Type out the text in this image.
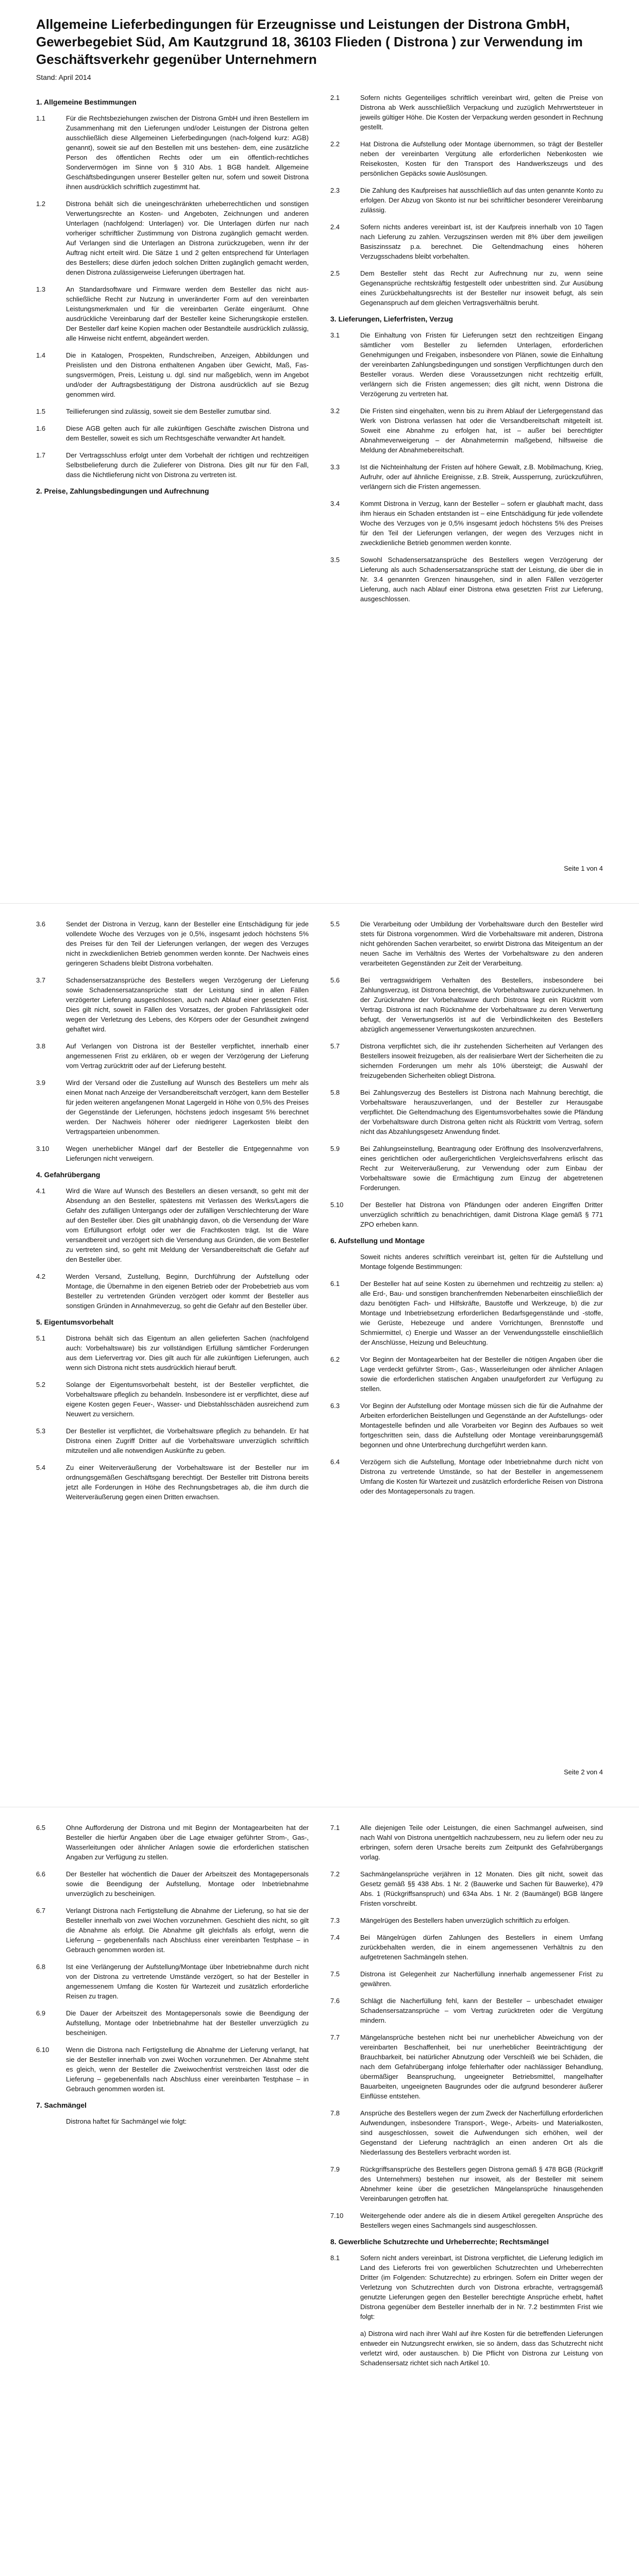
Allgemeine Lieferbedingungen für Erzeugnisse und Leistungen der Distrona GmbH, Gewerbegebiet Süd, Am Kautzgrund 18, 36103 Flieden ( Distrona ) zur Verwendung im Geschäftsverkehr gegenüber Unternehmern
Stand: April 2014
1. Allgemeine Bestimmungen
1.1	Für die Rechtsbeziehungen zwischen der Distrona GmbH und ihren Bestellern im Zusammenhang mit den Lieferungen und/oder Leistungen der Distrona gelten ausschließlich diese Allgemeinen Lieferbedingungen (nach-folgend kurz: AGB) genannt), soweit sie auf den Bestellen mit uns bestehen- dem, eine zusätzliche Person des öffentlichen Rechts oder um ein öffentlich-rechtliches Sondervermögen im Sinne von § 310 Abs. 1 BGB handelt. Allgemeine Geschäftsbedingungen unserer Besteller gelten nur, sofern und soweit Distrona ihnen ausdrücklich schriftlich zugestimmt hat.
1.2	Distrona behält sich die uneingeschränkten urheberrechtlichen und sonstigen Verwertungsrechte an Kosten- und Angeboten, Zeichnungen und anderen Unterlagen (nachfolgend: Unterlagen) vor. Die Unterlagen dürfen nur nach vorheriger schriftlicher Zustimmung von Distrona zugänglich gemacht werden. Auf Verlangen sind die Unterlagen an Distrona zurückzugeben, wenn ihr der Auftrag nicht erteilt wird. Die Sätze 1 und 2 gelten entsprechend für Unterlagen des Bestellers; diese dürfen jedoch solchen Dritten zugänglich gemacht werden, denen Distrona zulässigerweise Lieferungen übertragen hat.
1.3	An Standardsoftware und Firmware werden dem Besteller das nicht aus-schließliche Recht zur Nutzung in unveränderter Form auf den vereinbarten Leistungsmerkmalen und für die vereinbarten Geräte eingeräumt. Ohne ausdrückliche Vereinbarung darf der Besteller keine Sicherungskopie erstellen. Der Besteller darf keine Kopien machen oder Bestandteile ausdrücklich zulässig, alle Hinweise nicht entfernt, abgeändert werden.
1.4	Die in Katalogen, Prospekten, Rundschreiben, Anzeigen, Abbildungen und Preislisten und den Distrona enthaltenen Angaben über Gewicht, Maß, Fas-sungsvermögen, Preis, Leistung u. dgl. sind nur maßgeblich, wenn im Angebot und/oder der Auftragsbestätigung der Distrona ausdrücklich auf sie Bezug genommen wird.
1.5	Teillieferungen sind zulässig, soweit sie dem Besteller zumutbar sind.
1.6	Diese AGB gelten auch für alle zukünftigen Geschäfte zwischen Distrona und dem Besteller, soweit es sich um Rechtsgeschäfte verwandter Art handelt.
1.7	Der Vertragsschluss erfolgt unter dem Vorbehalt der richtigen und rechtzeitigen Selbstbelieferung durch die Zulieferer von Distrona. Dies gilt nur für den Fall, dass die Nichtlieferung nicht von Distrona zu vertreten ist.
2. Preise, Zahlungsbedingungen und Aufrechnung
2.1	Sofern nichts Gegenteiliges schriftlich vereinbart wird, gelten die Preise von Distrona ab Werk ausschließlich Verpackung und zuzüglich Mehrwertsteuer in jeweils gültiger Höhe. Die Kosten der Verpackung werden gesondert in Rechnung gestellt.
2.2	Hat Distrona die Aufstellung oder Montage übernommen, so trägt der Besteller neben der vereinbarten Vergütung alle erforderlichen Nebenkosten wie Reisekosten, Kosten für den Transport des Handwerkszeugs und des persönlichen Gepäcks sowie Auslösungen.
2.3	Die Zahlung des Kaufpreises hat ausschließlich auf das unten genannte Konto zu erfolgen. Der Abzug von Skonto ist nur bei schriftlicher besonderer Vereinbarung zulässig.
2.4	Sofern nichts anderes vereinbart ist, ist der Kaufpreis innerhalb von 10 Tagen nach Lieferung zu zahlen. Verzugszinsen werden mit 8% über dem jeweiligen Basiszinssatz p.a. berechnet. Die Geltendmachung eines höheren Verzugsschadens bleibt vorbehalten.
2.5	Dem Besteller steht das Recht zur Aufrechnung nur zu, wenn seine Gegenansprüche rechtskräftig festgestellt oder unbestritten sind. Zur Ausübung eines Zurückbehaltungsrechts ist der Besteller nur insoweit befugt, als sein Gegenanspruch auf dem gleichen Vertragsverhältnis beruht.
3. Lieferungen, Lieferfristen, Verzug
3.1	Die Einhaltung von Fristen für Lieferungen setzt den rechtzeitigen Eingang sämtlicher vom Besteller zu liefernden Unterlagen, erforderlichen Genehmigungen und Freigaben, insbesondere von Plänen, sowie die Einhaltung der vereinbarten Zahlungsbedingungen und sonstigen Verpflichtungen durch den Besteller voraus. Werden diese Voraussetzungen nicht rechtzeitig erfüllt, verlängern sich die Fristen angemessen; dies gilt nicht, wenn Distrona die Verzögerung zu vertreten hat.
3.2	Die Fristen sind eingehalten, wenn bis zu ihrem Ablauf der Liefergegenstand das Werk von Distrona verlassen hat oder die Versandbereitschaft mitgeteilt ist. Soweit eine Abnahme zu erfolgen hat, ist – außer bei berechtigter Abnahmeverweigerung – der Abnahmetermin maßgebend, hilfsweise die Meldung der Abnahmebereitschaft.
3.3	Ist die Nichteinhaltung der Fristen auf höhere Gewalt, z.B. Mobilmachung, Krieg, Aufruhr, oder auf ähnliche Ereignisse, z.B. Streik, Aussperrung, zurückzuführen, verlängern sich die Fristen angemessen.
3.4	Kommt Distrona in Verzug, kann der Besteller – sofern er glaubhaft macht, dass ihm hieraus ein Schaden entstanden ist – eine Entschädigung für jede vollendete Woche des Verzuges von je 0,5% insgesamt jedoch höchstens 5% des Preises für den Teil der Lieferungen verlangen, der wegen des Verzuges nicht in zweckdienliche Betrieb genommen werden konnte.
3.5	Sowohl Schadensersatzansprüche des Bestellers wegen Verzögerung der Lieferung als auch Schadensersatzansprüche statt der Leistung, die über die in Nr. 3.4 genannten Grenzen hinausgehen, sind in allen Fällen verzögerter Lieferung, auch nach Ablauf einer Distrona etwa gesetzten Frist zur Lieferung, ausgeschlossen.
Seite 1 von 4
3.6	Sendet der Distrona in Verzug, kann der Besteller eine Entschädigung für jede vollendete Woche des Verzuges von je 0,5%, insgesamt jedoch höchstens 5% des Preises für den Teil der Lieferungen verlangen, der wegen des Verzuges nicht in zweckdienlichen Betrieb genommen werden konnte. Der Nachweis eines geringeren Schadens bleibt Distrona vorbehalten.
3.7	Schadensersatzansprüche des Bestellers wegen Verzögerung der Lieferung sowie Schadensersatzansprüche statt der Leistung sind in allen Fällen verzögerter Lieferung ausgeschlossen, auch nach Ablauf einer gesetzten Frist. Dies gilt nicht, soweit in Fällen des Vorsatzes, der groben Fahrlässigkeit oder wegen der Verletzung des Lebens, des Körpers oder der Gesundheit zwingend gehaftet wird.
3.8	Auf Verlangen von Distrona ist der Besteller verpflichtet, innerhalb einer angemessenen Frist zu erklären, ob er wegen der Verzögerung der Lieferung vom Vertrag zurücktritt oder auf der Lieferung besteht.
3.9	Wird der Versand oder die Zustellung auf Wunsch des Bestellers um mehr als einen Monat nach Anzeige der Versandbereitschaft verzögert, kann dem Besteller für jeden weiteren angefangenen Monat Lagergeld in Höhe von 0,5% des Preises der Gegenstände der Lieferungen, höchstens jedoch insgesamt 5% berechnet werden. Der Nachweis höherer oder niedrigerer Lagerkosten bleibt den Vertragsparteien unbenommen.
3.10	Wegen unerheblicher Mängel darf der Besteller die Entgegennahme von Lieferungen nicht verweigern.
4. Gefahrübergang
4.1	Wird die Ware auf Wunsch des Bestellers an diesen versandt, so geht mit der Absendung an den Besteller, spätestens mit Verlassen des Werks/Lagers die Gefahr des zufälligen Untergangs oder der zufälligen Verschlechterung der Ware auf den Besteller über. Dies gilt unabhängig davon, ob die Versendung der Ware vom Erfüllungsort erfolgt oder wer die Frachtkosten trägt. Ist die Ware versandbereit und verzögert sich die Versendung aus Gründen, die vom Besteller zu vertreten sind, so geht mit Meldung der Versandbereitschaft die Gefahr auf den Besteller über.
4.2	Werden Versand, Zustellung, Beginn, Durchführung der Aufstellung oder Montage, die Übernahme in den eigenen Betrieb oder der Probebetrieb aus vom Besteller zu vertretenden Gründen verzögert oder kommt der Besteller aus sonstigen Gründen in Annahmeverzug, so geht die Gefahr auf den Besteller über.
5. Eigentumsvorbehalt
5.1	Distrona behält sich das Eigentum an allen gelieferten Sachen (nachfolgend auch: Vorbehaltsware) bis zur vollständigen Erfüllung sämtlicher Forderungen aus dem Liefervertrag vor. Dies gilt auch für alle zukünftigen Lieferungen, auch wenn sich Distrona nicht stets ausdrücklich hierauf beruft.
5.2	Solange der Eigentumsvorbehalt besteht, ist der Besteller verpflichtet, die Vorbehaltsware pfleglich zu behandeln. Insbesondere ist er verpflichtet, diese auf eigene Kosten gegen Feuer-, Wasser- und Diebstahlsschäden ausreichend zum Neuwert zu versichern.
5.3	Der Besteller ist verpflichtet, die Vorbehaltsware pfleglich zu behandeln. Er hat Distrona einen Zugriff Dritter auf die Vorbehaltsware unverzüglich schriftlich mitzuteilen und alle notwendigen Auskünfte zu geben.
5.4	Zu einer Weiterveräußerung der Vorbehaltsware ist der Besteller nur im ordnungsgemäßen Geschäftsgang berechtigt. Der Besteller tritt Distrona bereits jetzt alle Forderungen in Höhe des Rechnungsbetrages ab, die ihm durch die Weiterveräußerung gegen einen Dritten erwachsen.
5.5	Die Verarbeitung oder Umbildung der Vorbehaltsware durch den Besteller wird stets für Distrona vorgenommen. Wird die Vorbehaltsware mit anderen, Distrona nicht gehörenden Sachen verarbeitet, so erwirbt Distrona das Miteigentum an der neuen Sache im Verhältnis des Wertes der Vorbehaltsware zu den anderen verarbeiteten Gegenständen zur Zeit der Verarbeitung.
5.6	Bei vertragswidrigem Verhalten des Bestellers, insbesondere bei Zahlungsverzug, ist Distrona berechtigt, die Vorbehaltsware zurückzunehmen. In der Zurücknahme der Vorbehaltsware durch Distrona liegt ein Rücktritt vom Vertrag. Distrona ist nach Rücknahme der Vorbehaltsware zu deren Verwertung befugt, der Verwertungserlös ist auf die Verbindlichkeiten des Bestellers abzüglich angemessener Verwertungskosten anzurechnen.
5.7	Distrona verpflichtet sich, die ihr zustehenden Sicherheiten auf Verlangen des Bestellers insoweit freizugeben, als der realisierbare Wert der Sicherheiten die zu sichernden Forderungen um mehr als 10% übersteigt; die Auswahl der freizugebenden Sicherheiten obliegt Distrona.
5.8	Bei Zahlungsverzug des Bestellers ist Distrona nach Mahnung berechtigt, die Vorbehaltsware herauszuverlangen, und der Besteller zur Herausgabe verpflichtet. Die Geltendmachung des Eigentumsvorbehaltes sowie die Pfändung der Vorbehaltsware durch Distrona gelten nicht als Rücktritt vom Vertrag, sofern nicht das Abzahlungsgesetz Anwendung findet.
5.9	Bei Zahlungseinstellung, Beantragung oder Eröffnung des Insolvenzverfahrens, eines gerichtlichen oder außergerichtlichen Vergleichsverfahrens erlischt das Recht zur Weiterveräußerung, zur Verwendung oder zum Einbau der Vorbehaltsware sowie die Ermächtigung zum Einzug der abgetretenen Forderungen.
5.10	Der Besteller hat Distrona von Pfändungen oder anderen Eingriffen Dritter unverzüglich schriftlich zu benachrichtigen, damit Distrona Klage gemäß § 771 ZPO erheben kann.
6. Aufstellung und Montage
Soweit nichts anderes schriftlich vereinbart ist, gelten für die Aufstellung und Montage folgende Bestimmungen:
6.1	Der Besteller hat auf seine Kosten zu übernehmen und rechtzeitig zu stellen: a) alle Erd-, Bau- und sonstigen branchenfremden Nebenarbeiten einschließlich der dazu benötigten Fach- und Hilfskräfte, Baustoffe und Werkzeuge, b) die zur Montage und Inbetriebsetzung erforderlichen Bedarfsgegenstände und -stoffe, wie Gerüste, Hebezeuge und andere Vorrichtungen, Brennstoffe und Schmiermittel, c) Energie und Wasser an der Verwendungsstelle einschließlich der Anschlüsse, Heizung und Beleuchtung.
6.2	Vor Beginn der Montagearbeiten hat der Besteller die nötigen Angaben über die Lage verdeckt geführter Strom-, Gas-, Wasserleitungen oder ähnlicher Anlagen sowie die erforderlichen statischen Angaben unaufgefordert zur Verfügung zu stellen.
6.3	Vor Beginn der Aufstellung oder Montage müssen sich die für die Aufnahme der Arbeiten erforderlichen Beistellungen und Gegenstände an der Aufstellungs- oder Montagestelle befinden und alle Vorarbeiten vor Beginn des Aufbaues so weit fortgeschritten sein, dass die Aufstellung oder Montage vereinbarungsgemäß begonnen und ohne Unterbrechung durchgeführt werden kann.
6.4	Verzögern sich die Aufstellung, Montage oder Inbetriebnahme durch nicht von Distrona zu vertretende Umstände, so hat der Besteller in angemessenem Umfang die Kosten für Wartezeit und zusätzlich erforderliche Reisen von Distrona oder des Montagepersonals zu tragen.
Seite 2 von 4
6.5	Ohne Aufforderung der Distrona und mit Beginn der Montagearbeiten hat der Besteller die hierfür Angaben über die Lage etwaiger geführter Strom-, Gas-, Wasserleitungen oder ähnlicher Anlagen sowie die erforderlichen statischen Angaben zur Verfügung zu stellen.
6.6	Der Besteller hat wöchentlich die Dauer der Arbeitszeit des Montagepersonals sowie die Beendigung der Aufstellung, Montage oder Inbetriebnahme unverzüglich zu bescheinigen.
6.7	Verlangt Distrona nach Fertigstellung die Abnahme der Lieferung, so hat sie der Besteller innerhalb von zwei Wochen vorzunehmen. Geschieht dies nicht, so gilt die Abnahme als erfolgt. Die Abnahme gilt gleichfalls als erfolgt, wenn die Lieferung – gegebenenfalls nach Abschluss einer vereinbarten Testphase – in Gebrauch genommen worden ist.
6.8	Ist eine Verlängerung der Aufstellung/Montage über Inbetriebnahme durch nicht von der Distrona zu vertretende Umstände verzögert, so hat der Besteller in angemessenem Umfang die Kosten für Wartezeit und zusätzlich erforderliche Reisen zu tragen.
6.9	Die Dauer der Arbeitszeit des Montagepersonals sowie die Beendigung der Aufstellung, Montage oder Inbetriebnahme hat der Besteller unverzüglich zu bescheinigen.
6.10	Wenn die Distrona nach Fertigstellung die Abnahme der Lieferung verlangt, hat sie der Besteller innerhalb von zwei Wochen vorzunehmen. Der Abnahme steht es gleich, wenn der Besteller die Zweiwochenfrist verstreichen lässt oder die Lieferung – gegebenenfalls nach Abschluss einer vereinbarten Testphase – in Gebrauch genommen worden ist.
7. Sachmängel
Distrona haftet für Sachmängel wie folgt:
7.1	Alle diejenigen Teile oder Leistungen, die einen Sachmangel aufweisen, sind nach Wahl von Distrona unentgeltlich nachzubessern, neu zu liefern oder neu zu erbringen, sofern deren Ursache bereits zum Zeitpunkt des Gefahrübergangs vorlag.
7.2	Sachmängelansprüche verjähren in 12 Monaten. Dies gilt nicht, soweit das Gesetz gemäß §§ 438 Abs. 1 Nr. 2 (Bauwerke und Sachen für Bauwerke), 479 Abs. 1 (Rückgriffsanspruch) und 634a Abs. 1 Nr. 2 (Baumängel) BGB längere Fristen vorschreibt.
7.3	Mängelrügen des Bestellers haben unverzüglich schriftlich zu erfolgen.
7.4	Bei Mängelrügen dürfen Zahlungen des Bestellers in einem Umfang zurückbehalten werden, die in einem angemessenen Verhältnis zu den aufgetretenen Sachmängeln stehen.
7.5	Distrona ist Gelegenheit zur Nacherfüllung innerhalb angemessener Frist zu gewähren.
7.6	Schlägt die Nacherfüllung fehl, kann der Besteller – unbeschadet etwaiger Schadensersatzansprüche – vom Vertrag zurücktreten oder die Vergütung mindern.
7.7	Mängelansprüche bestehen nicht bei nur unerheblicher Abweichung von der vereinbarten Beschaffenheit, bei nur unerheblicher Beeinträchtigung der Brauchbarkeit, bei natürlicher Abnutzung oder Verschleiß wie bei Schäden, die nach dem Gefahrübergang infolge fehlerhafter oder nachlässiger Behandlung, übermäßiger Beanspruchung, ungeeigneter Betriebsmittel, mangelhafter Bauarbeiten, ungeeigneten Baugrundes oder die aufgrund besonderer äußerer Einflüsse entstehen.
7.8	Ansprüche des Bestellers wegen der zum Zweck der Nacherfüllung erforderlichen Aufwendungen, insbesondere Transport-, Wege-, Arbeits- und Materialkosten, sind ausgeschlossen, soweit die Aufwendungen sich erhöhen, weil der Gegenstand der Lieferung nachträglich an einen anderen Ort als die Niederlassung des Bestellers verbracht worden ist.
7.9	Rückgriffsansprüche des Bestellers gegen Distrona gemäß § 478 BGB (Rückgriff des Unternehmers) bestehen nur insoweit, als der Besteller mit seinem Abnehmer keine über die gesetzlichen Mängelansprüche hinausgehenden Vereinbarungen getroffen hat.
7.10	Weitergehende oder andere als die in diesem Artikel geregelten Ansprüche des Bestellers wegen eines Sachmangels sind ausgeschlossen.
8. Gewerbliche Schutzrechte und Urheberrechte; Rechtsmängel
8.1	Sofern nicht anders vereinbart, ist Distrona verpflichtet, die Lieferung lediglich im Land des Lieferorts frei von gewerblichen Schutzrechten und Urheberrechten Dritter (im Folgenden: Schutzrechte) zu erbringen. Sofern ein Dritter wegen der Verletzung von Schutzrechten durch von Distrona erbrachte, vertragsgemäß genutzte Lieferungen gegen den Besteller berechtigte Ansprüche erhebt, haftet Distrona gegenüber dem Besteller innerhalb der in Nr. 7.2 bestimmten Frist wie folgt:
a) Distrona wird nach ihrer Wahl auf ihre Kosten für die betreffenden Lieferungen entweder ein Nutzungsrecht erwirken, sie so ändern, dass das Schutzrecht nicht verletzt wird, oder austauschen. b) Die Pflicht von Distrona zur Leistung von Schadensersatz richtet sich nach Artikel 10.
